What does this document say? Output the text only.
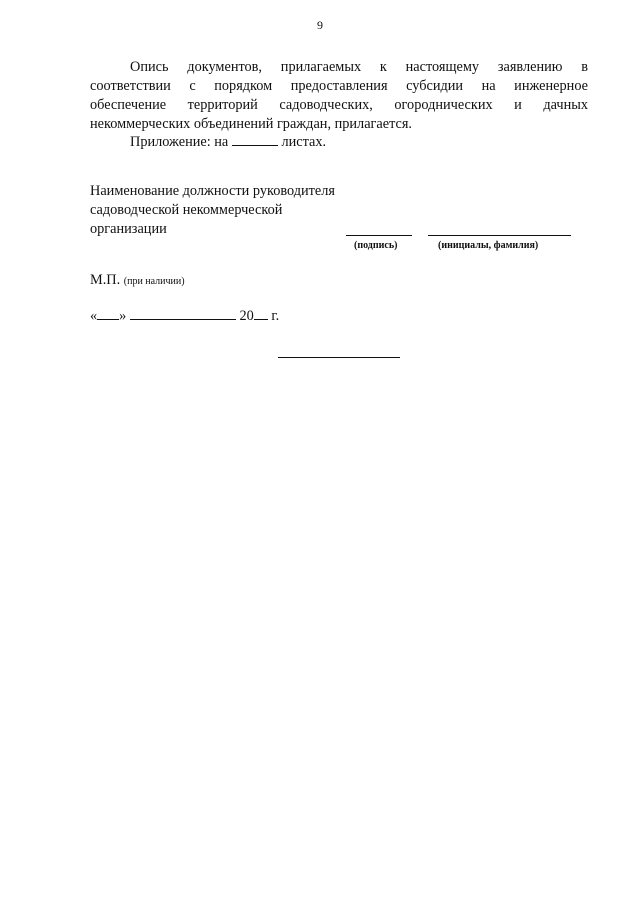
9
Опись документов, прилагаемых к настоящему заявлению в
соответствии с порядком предоставления субсидии на инженерное
обеспечение территорий садоводческих, огороднических и дачных
некоммерческих объединений граждан, прилагается.
Приложение: на	листах.
Наименование должности руководителя
садоводческой некоммерческой
организации
(подпись)	(инициалы, фамилия)
М.П. (при наличии)
« »	20 г.
